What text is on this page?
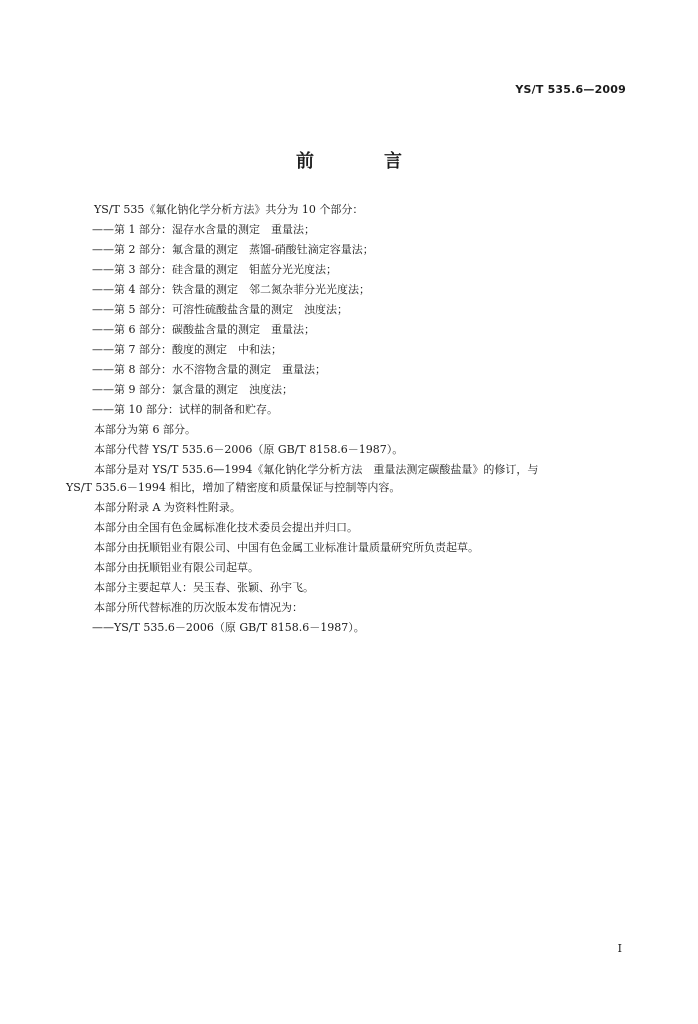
YS/T 535.6—2009
前　言
YS/T 535《氟化钠化学分析方法》共分为 10 个部分：
——第 1 部分：湿存水含量的测定　重量法；
——第 2 部分：氟含量的测定　蒸馏-硝酸钍滴定容量法；
——第 3 部分：硅含量的测定　钼蓝分光光度法；
——第 4 部分：铁含量的测定　邻二氮杂菲分光光度法；
——第 5 部分：可溶性硫酸盐含量的测定　浊度法；
——第 6 部分：碳酸盐含量的测定　重量法；
——第 7 部分：酸度的测定　中和法；
——第 8 部分：水不溶物含量的测定　重量法；
——第 9 部分：氯含量的测定　浊度法；
——第 10 部分：试样的制备和贮存。
本部分为第 6 部分。
本部分代替 YS/T 535.6－2006（原 GB/T 8158.6－1987）。
本部分是对 YS/T 535.6—1994《氟化钠化学分析方法　重量法测定碳酸盐量》的修订，与
YS/T 535.6－1994 相比，增加了精密度和质量保证与控制等内容。
本部分附录 A 为资料性附录。
本部分由全国有色金属标准化技术委员会提出并归口。
本部分由抚顺铝业有限公司、中国有色金属工业标准计量质量研究所负责起草。
本部分由抚顺铝业有限公司起草。
本部分主要起草人：吴玉春、张颖、孙宇飞。
本部分所代替标准的历次版本发布情况为：
——YS/T 535.6－2006（原 GB/T 8158.6－1987）。
I
